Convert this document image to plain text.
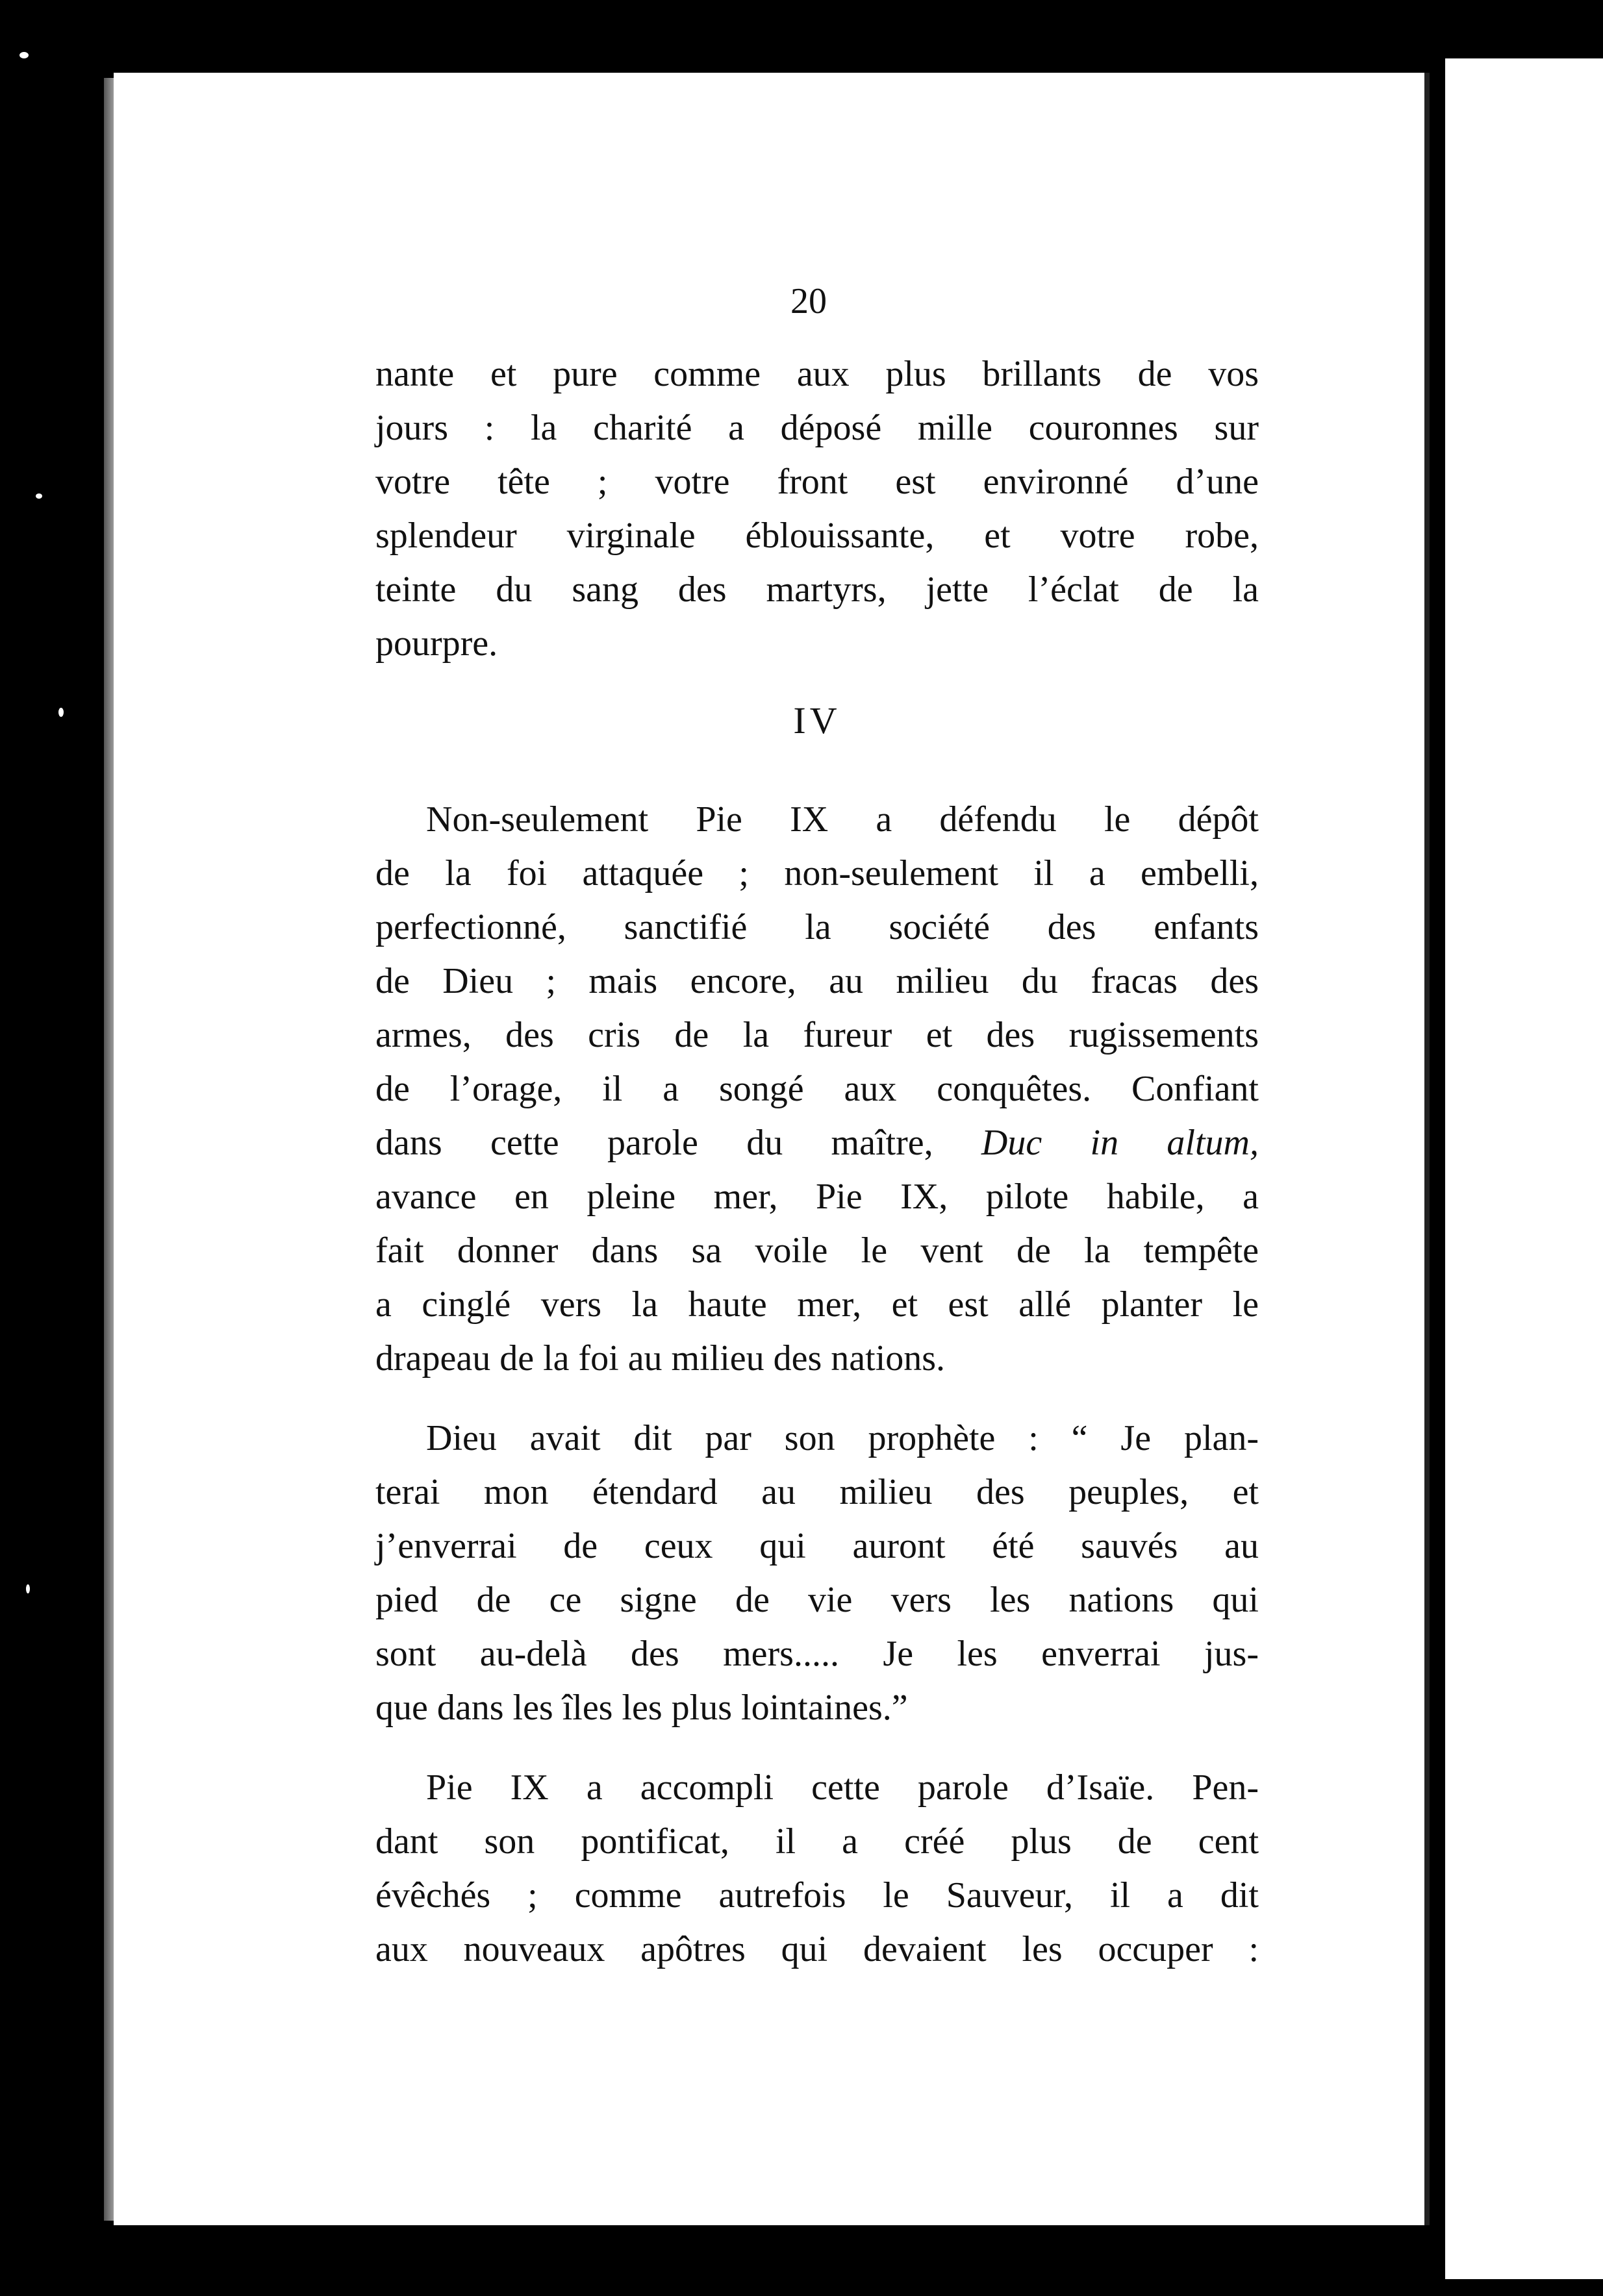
20
nante et pure comme aux plus brillants de vos
jours : la charité a déposé mille couronnes sur
votre tête ; votre front est environné d’une
splendeur virginale éblouissante, et votre robe,
teinte du sang des martyrs, jette l’éclat de la
pourpre.
IV
Non-seulement Pie IX a défendu le dépôt
de la foi attaquée ; non-seulement il a embelli,
perfectionné, sanctifié la société des enfants
de Dieu ; mais encore, au milieu du fracas des
armes, des cris de la fureur et des rugissements
de l’orage, il a songé aux conquêtes. Confiant
dans cette parole du maître, Duc in altum,
avance en pleine mer, Pie IX, pilote habile, a
fait donner dans sa voile le vent de la tempête
a cinglé vers la haute mer, et est allé planter le
drapeau de la foi au milieu des nations.
Dieu avait dit par son prophète : “ Je plan-
terai mon étendard au milieu des peuples, et
j’enverrai de ceux qui auront été sauvés au
pied de ce signe de vie vers les nations qui
sont au-delà des mers..... Je les enverrai jus-
que dans les îles les plus lointaines.”
Pie IX a accompli cette parole d’Isaïe. Pen-
dant son pontificat, il a créé plus de cent
évêchés ; comme autrefois le Sauveur, il a dit
aux nouveaux apôtres qui devaient les occuper :
